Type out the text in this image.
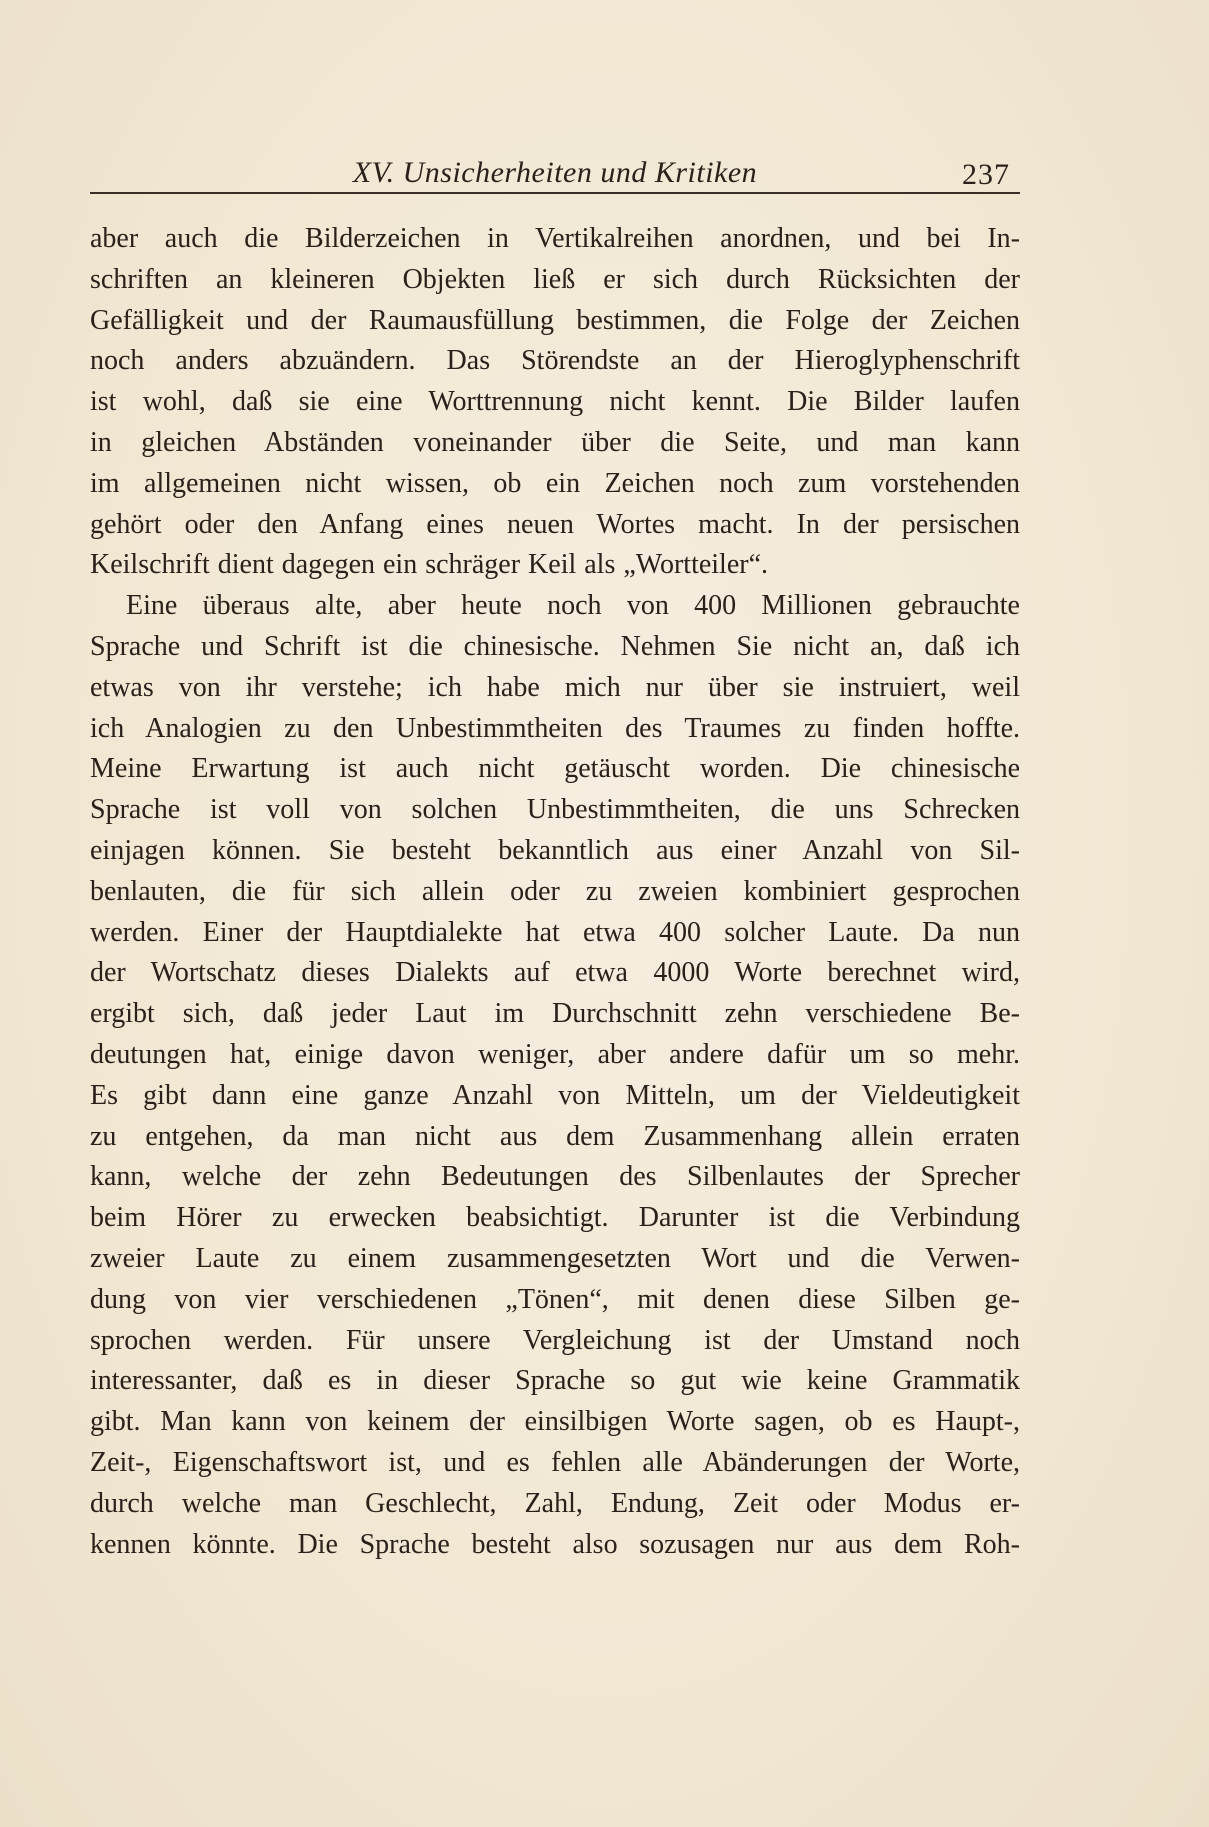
XV. Unsicherheiten und Kritiken	237
aber auch die Bilderzeichen in Vertikalreihen anordnen, und bei In-
schriften an kleineren Objekten ließ er sich durch Rücksichten der
Gefälligkeit und der Raumausfüllung bestimmen, die Folge der Zeichen
noch anders abzuändern. Das Störendste an der Hieroglyphenschrift
ist wohl, daß sie eine Worttrennung nicht kennt. Die Bilder laufen
in gleichen Abständen voneinander über die Seite, und man kann
im allgemeinen nicht wissen, ob ein Zeichen noch zum vorstehenden
gehört oder den Anfang eines neuen Wortes macht. In der persischen
Keilschrift dient dagegen ein schräger Keil als „Wortteiler“.
Eine überaus alte, aber heute noch von 400 Millionen gebrauchte
Sprache und Schrift ist die chinesische. Nehmen Sie nicht an, daß ich
etwas von ihr verstehe; ich habe mich nur über sie instruiert, weil
ich Analogien zu den Unbestimmtheiten des Traumes zu finden hoffte.
Meine Erwartung ist auch nicht getäuscht worden. Die chinesische
Sprache ist voll von solchen Unbestimmtheiten, die uns Schrecken
einjagen können. Sie besteht bekanntlich aus einer Anzahl von Sil-
benlauten, die für sich allein oder zu zweien kombiniert gesprochen
werden. Einer der Hauptdialekte hat etwa 400 solcher Laute. Da nun
der Wortschatz dieses Dialekts auf etwa 4000 Worte berechnet wird,
ergibt sich, daß jeder Laut im Durchschnitt zehn verschiedene Be-
deutungen hat, einige davon weniger, aber andere dafür um so mehr.
Es gibt dann eine ganze Anzahl von Mitteln, um der Vieldeutigkeit
zu entgehen, da man nicht aus dem Zusammenhang allein erraten
kann, welche der zehn Bedeutungen des Silbenlautes der Sprecher
beim Hörer zu erwecken beabsichtigt. Darunter ist die Verbindung
zweier Laute zu einem zusammengesetzten Wort und die Verwen-
dung von vier verschiedenen „Tönen“, mit denen diese Silben ge-
sprochen werden. Für unsere Vergleichung ist der Umstand noch
interessanter, daß es in dieser Sprache so gut wie keine Grammatik
gibt. Man kann von keinem der einsilbigen Worte sagen, ob es Haupt-,
Zeit-, Eigenschaftswort ist, und es fehlen alle Abänderungen der Worte,
durch welche man Geschlecht, Zahl, Endung, Zeit oder Modus er-
kennen könnte. Die Sprache besteht also sozusagen nur aus dem Roh-
